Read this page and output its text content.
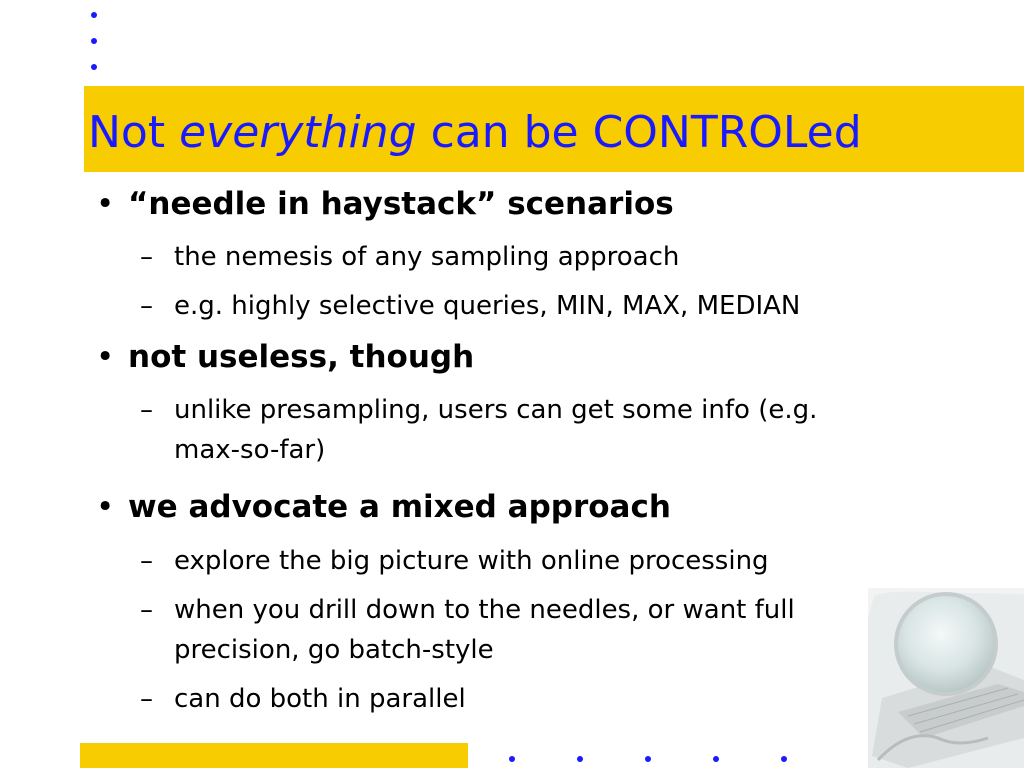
Not everything can be CONTROLed
• “needle in haystack” scenarios
– the nemesis of any sampling approach
– e.g. highly selective queries, MIN, MAX, MEDIAN
• not useless, though
– unlike presampling, users can get some info (e.g.
max-so-far)
• we advocate a mixed approach
– explore the big picture with online processing
– when you drill down to the needles, or want full
precision, go batch-style
– can do both in parallel
